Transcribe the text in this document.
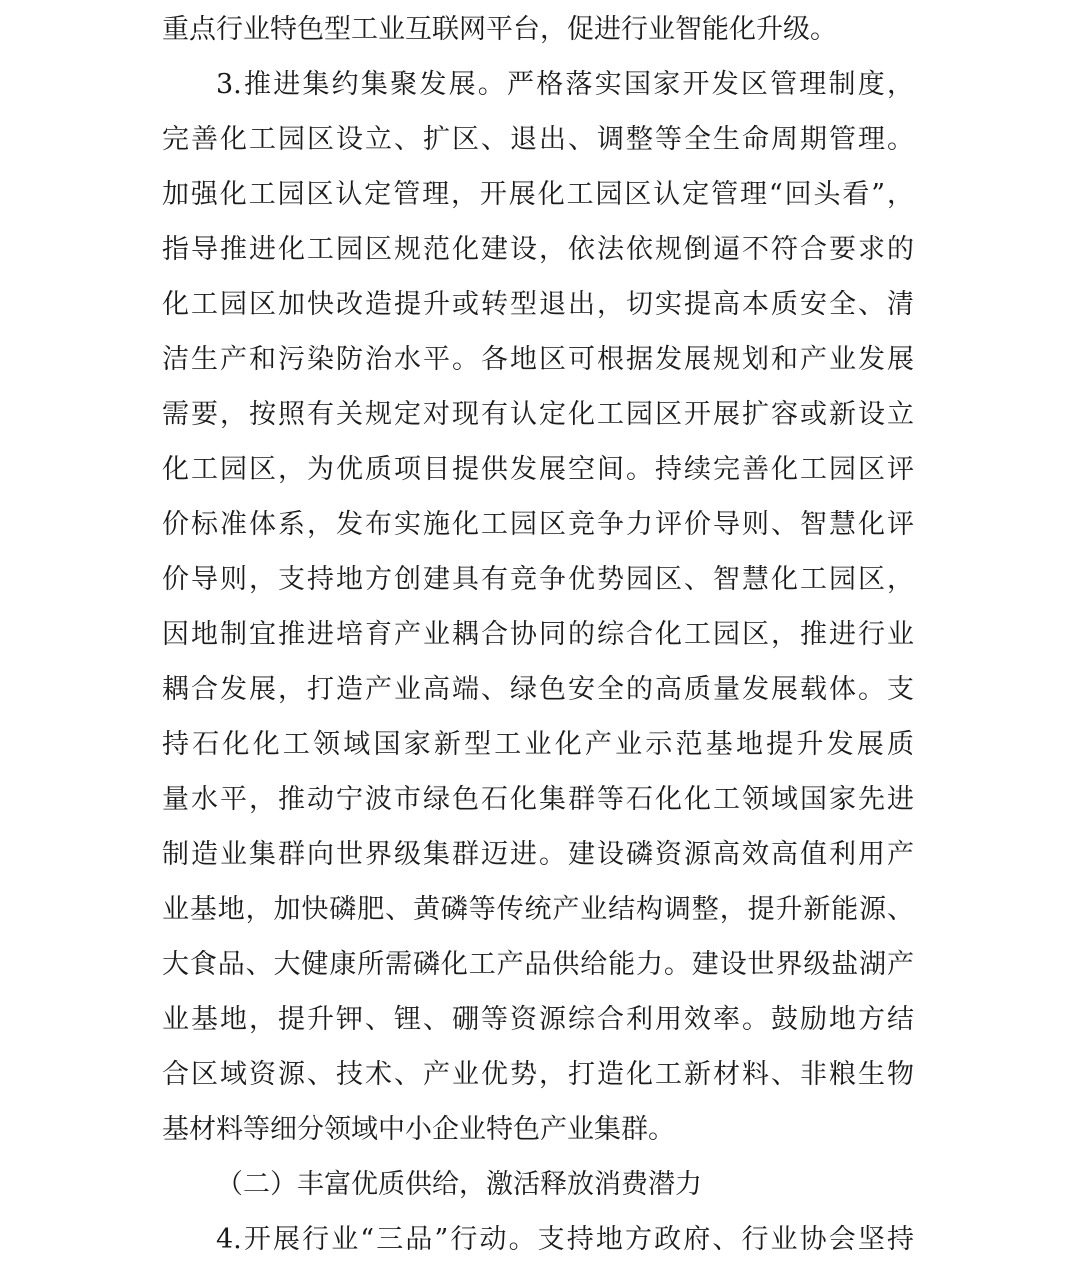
重点行业特色型工业互联网平台，促进行业智能化升级。
3.推进集约集聚发展。严格落实国家开发区管理制度，
完善化工园区设立、扩区、退出、调整等全生命周期管理。
加强化工园区认定管理，开展化工园区认定管理“回头看”，
指导推进化工园区规范化建设，依法依规倒逼不符合要求的
化工园区加快改造提升或转型退出，切实提高本质安全、清
洁生产和污染防治水平。各地区可根据发展规划和产业发展
需要，按照有关规定对现有认定化工园区开展扩容或新设立
化工园区，为优质项目提供发展空间。持续完善化工园区评
价标准体系，发布实施化工园区竞争力评价导则、智慧化评
价导则，支持地方创建具有竞争优势园区、智慧化工园区，
因地制宜推进培育产业耦合协同的综合化工园区，推进行业
耦合发展，打造产业高端、绿色安全的高质量发展载体。支
持石化化工领域国家新型工业化产业示范基地提升发展质
量水平，推动宁波市绿色石化集群等石化化工领域国家先进
制造业集群向世界级集群迈进。建设磷资源高效高值利用产
业基地，加快磷肥、黄磷等传统产业结构调整，提升新能源、
大食品、大健康所需磷化工产品供给能力。建设世界级盐湖产
业基地，提升钾、锂、硼等资源综合利用效率。鼓励地方结
合区域资源、技术、产业优势，打造化工新材料、非粮生物
基材料等细分领域中小企业特色产业集群。
（二）丰富优质供给，激活释放消费潜力
4.开展行业“三品”行动。支持地方政府、行业协会坚持
